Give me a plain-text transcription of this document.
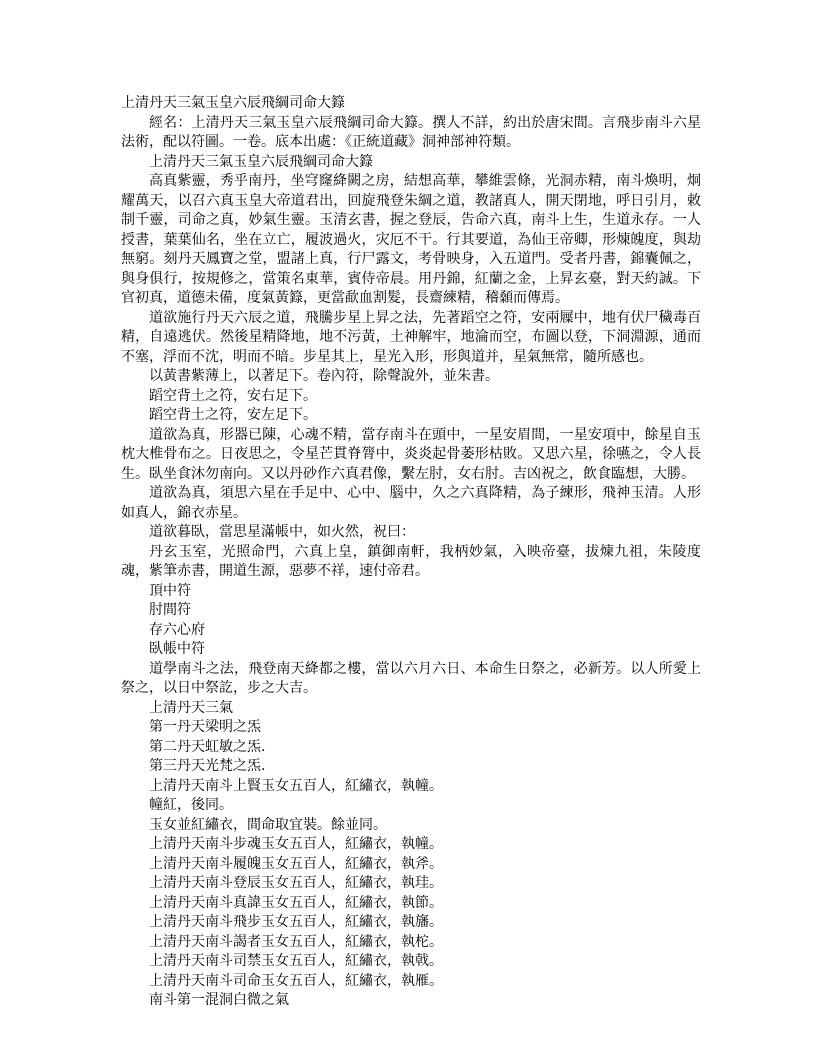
上清丹天三氣玉皇六辰飛綱司命大籙

經名：上清丹天三氣玉皇六辰飛綱司命大籙。撰人不詳，約出於唐宋間。言飛步南斗六星法術，配以符圖。一卷。底本出處：《正統道藏》洞神部神符類。

上清丹天三氣玉皇六辰飛綱司命大籙

高真紫靈，秀乎南丹，坐穹窿絳闕之房，結想高華，攀維雲條，光洞赤精，南斗煥明，炯耀萬天，以召六真玉皇大帝道君出，回旋飛登朱綱之道，教諸真人，開天閉地，呼日引月，敕制千靈，司命之真，妙氣生靈。玉清玄書，握之登辰，告命六真，南斗上生，生道永存。一人授書，葉葉仙名，坐在立亡，履波過火，灾厄不干。行其要道，為仙王帝卿，形煉魄度，與劫無窮。刻丹天鳳寶之堂，盟諸上真，行尸露文，考骨映身，入五道門。受者丹書，錦囊佩之，與身俱行，按規修之，當策名東華，賓侍帝晨。用丹錦，紅蘭之金，上昇玄臺，對天約誠。下官初真，道德未備，度氣黃籙，更當歃血割髮，長齋練精，稽顙而傳焉。

道欲施行丹天六辰之道，飛騰步星上昇之法，先著蹈空之符，安兩屧中，地有伏尸穢毒百精，自遠逃伏。然後星精降地，地不污黃，土神解牢，地淪而空，布圖以登，下洞淵源，通而不塞，浮而不沈，明而不暗。步星其上，星光入形，形與道并，星氣無常，隨所感也。

以黃書紫薄上，以著足下。卷內符，除聲說外，並朱書。

蹈空背土之符，安右足下。

蹈空背土之符，安左足下。

道欲為真，形器已陳，心魂不精，當存南斗在頭中，一星安眉間，一星安項中，餘星自玉枕大椎骨布之。日夜思之，令星芒貫脊膂中，炎炎起骨萎形枯敗。又思六星，徐嚥之，令人長生。臥坐食沐勿南向。又以丹砂作六真君像，繫左肘，女右肘。吉凶祝之，飲食臨想，大勝。

道欲為真，須思六星在手足中、心中、腦中，久之六真降精，為子練形，飛神玉清。人形如真人，錦衣赤星。

道欲暮臥，當思星滿帳中，如火然，祝曰：

丹玄玉室，光照命門，六真上皇，鎮御南軒，我柄妙氣，入映帝臺，拔煉九祖，朱陵度魂，紫筆赤書，開道生源，惡夢不祥，速付帝君。

頂中符

肘間符

存六心府

臥帳中符

道學南斗之法，飛登南天絳都之樓，當以六月六日、本命生日祭之，必新芳。以人所愛上祭之，以日中祭訖，步之大吉。

上清丹天三氣

第一丹天梁明之炁

第二丹天虹敏之炁.

第三丹天光梵之炁.

上清丹天南斗上賢玉女五百人，紅繡衣，執幢。

幢紅，後同。

玉女並紅繡衣，間命取宜裝。餘並同。

上清丹天南斗步魂玉女五百人，紅繡衣，執幢。

上清丹天南斗履魄玉女五百人，紅繡衣，執斧。

上清丹天南斗登辰玉女五百人，紅繡衣，執珪。

上清丹天南斗真諱玉女五百人，紅繡衣，執節。

上清丹天南斗飛步玉女五百人，紅繡衣，執旛。

上清丹天南斗謁者玉女五百人，紅繡衣，執柁。

上清丹天南斗司禁玉女五百人，紅繡衣，執戟。

上清丹天南斗司命玉女五百人，紅繡衣，執雁。

南斗第一混洞白微之氣
